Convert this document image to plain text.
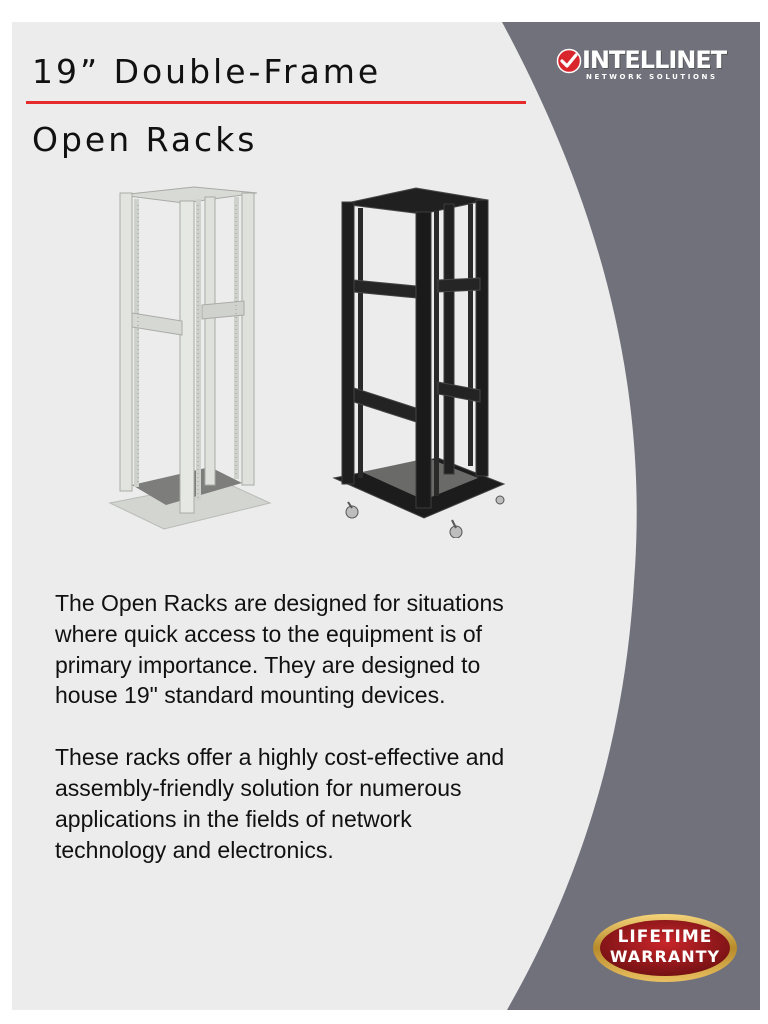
19” Double-Frame
Open Racks
INTELLINET
NETWORK SOLUTIONS

The Open Racks are designed for situations where quick access to the equipment is of primary importance. They are designed to house 19" standard mounting devices.

These racks offer a highly cost-effective and assembly-friendly solution for numerous applications in the fields of network technology and electronics.

LIFETIME
WARRANTY
